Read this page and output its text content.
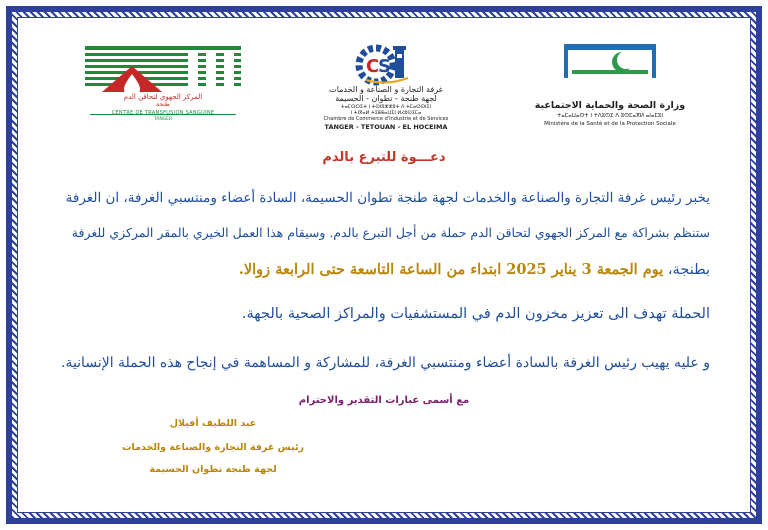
المركز الجهوي لتحاقن الدم
طنجة
CENTRE DE TRANSFUSION SANGUINE
TANGER
C
S
غرفة التجارة و الصناعة و الخدمات
لجهة طنجة - تطوان - الحسيمة
ⵜⴰⵎⵙⵔⵉⵜ ⵏ ⵜⵙⵏⵓⵣⵣⵓⵜ ⴷ ⵜⵎⴰⵙⵙⵏⵉⵏ
ⵏ ⵜⵏⴳⴰⵍ ⵜⵉⵟⵟⴰⵡⵉⵏ ⵍⵃⵓⵙⵉⵎⴰ
Chambre de Commerce d'Industrie et de Services
TANGER - TETOUAN - EL HOCEIMA
وزارة الصحة والحماية الاجتماعية
ⵜⴰⵎⴰⵡⴰⵙⵜ ⵏ ⵜⴷⵓⵙⵉ ⴷ ⵓⵙⵎⴰⴳⵍ ⴰⵏⴰⵎⵓⵏ
Ministère de la Santé et de la Protection Sociale
دعـــوة للتبرع بالدم
يخبر رئيس غرفة التجارة والصناعة والخدمات لجهة طنجة تطوان الحسيمة، السادة أعضاء ومنتسبي الغرفة، ان الغرفة
ستنظم بشراكة مع المركز الجهوي لتحاقن الدم حملة من أجل التبرع بالدم. وسيقام هذا العمل الخيري بالمقر المركزي للغرفة
بطنجة، يوم الجمعة 3 يناير 2025 ابتداء من الساعة التاسعة حتى الرابعة زوالا.
الحملة تهدف الى تعزيز مخزون الدم في المستشفيات والمراكز الصحية بالجهة.
و عليه يهيب رئيس الغرفة بالسادة أعضاء ومنتسبي الغرفة، للمشاركة و المساهمة في إنجاح هذه الحملة الإنسانية.
مع أسمى عبارات التقدير والاحترام
عبد اللطيف أفيلال
رئيس غرفة التجارة والصناعة والخدمات
لجهة طنجة تطوان الحسيمة
